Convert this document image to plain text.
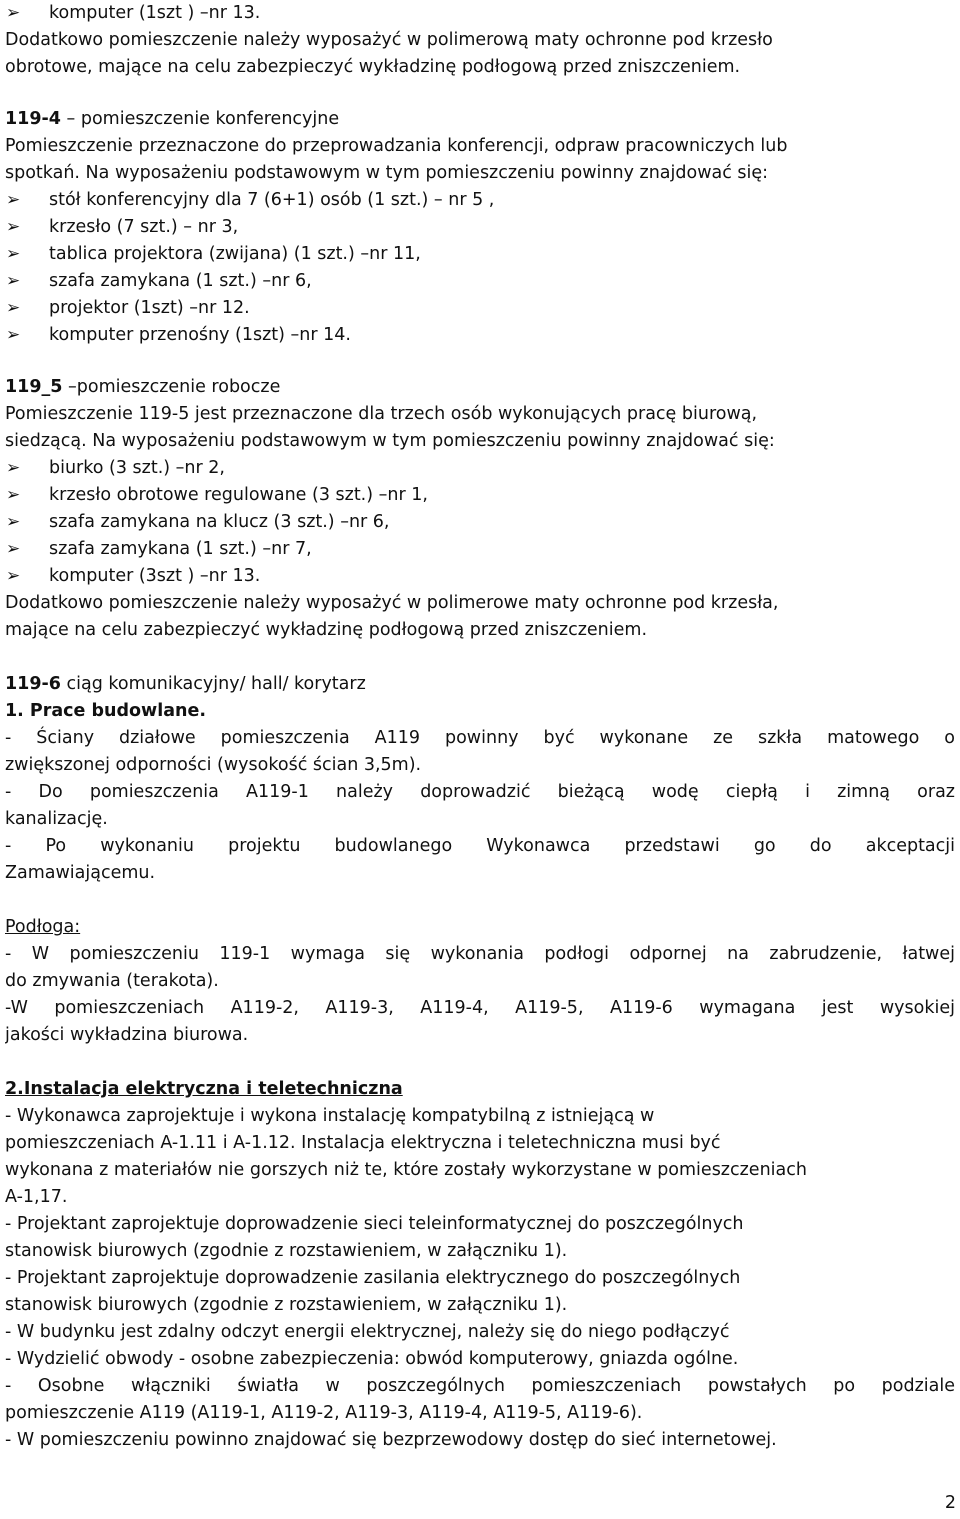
➢	komputer (1szt ) –nr 13.
Dodatkowo pomieszczenie należy wyposażyć w polimerową maty ochronne pod krzesło
obrotowe, mające na celu zabezpieczyć wykładzinę podłogową przed zniszczeniem.
119-4 – pomieszczenie konferencyjne
Pomieszczenie przeznaczone do przeprowadzania konferencji, odpraw pracowniczych lub
spotkań. Na wyposażeniu podstawowym w tym pomieszczeniu powinny znajdować się:
➢	stół konferencyjny dla 7 (6+1) osób (1 szt.) – nr 5 ,
➢	krzesło (7 szt.) – nr 3,
➢	tablica projektora (zwijana) (1 szt.) –nr 11,
➢	szafa zamykana (1 szt.) –nr 6,
➢	projektor (1szt) –nr 12.
➢	komputer przenośny (1szt) –nr 14.
119_5 –pomieszczenie robocze
Pomieszczenie 119-5 jest przeznaczone dla trzech osób wykonujących pracę biurową,
siedzącą. Na wyposażeniu podstawowym w tym pomieszczeniu powinny znajdować się:
➢	biurko (3 szt.) –nr 2,
➢	krzesło obrotowe regulowane (3 szt.) –nr 1,
➢	szafa zamykana na klucz (3 szt.) –nr 6,
➢	szafa zamykana (1 szt.) –nr 7,
➢	komputer (3szt ) –nr 13.
Dodatkowo pomieszczenie należy wyposażyć w polimerowe maty ochronne pod krzesła,
mające na celu zabezpieczyć wykładzinę podłogową przed zniszczeniem.
119-6 ciąg komunikacyjny/ hall/ korytarz
1. Prace budowlane.
- Ściany działowe pomieszczenia A119 powinny być wykonane ze szkła matowego o
zwiększonej odporności (wysokość ścian 3,5m).
- Do pomieszczenia A119-1 należy doprowadzić bieżącą wodę ciepłą i zimną oraz
kanalizację.
- Po wykonaniu projektu budowlanego Wykonawca przedstawi go do akceptacji
Zamawiającemu.
Podłoga:
- W pomieszczeniu 119-1 wymaga się wykonania podłogi odpornej na zabrudzenie, łatwej
do zmywania (terakota).
-W pomieszczeniach A119-2, A119-3, A119-4, A119-5, A119-6 wymagana jest wysokiej
jakości wykładzina biurowa.
2.Instalacja elektryczna i teletechniczna
- Wykonawca zaprojektuje i wykona instalację kompatybilną z istniejącą w
pomieszczeniach A-1.11 i A-1.12. Instalacja elektryczna i teletechniczna musi być
wykonana z materiałów nie gorszych niż te, które zostały wykorzystane w pomieszczeniach
A-1,17.
- Projektant zaprojektuje doprowadzenie sieci teleinformatycznej do poszczególnych
stanowisk biurowych (zgodnie z rozstawieniem, w załączniku 1).
- Projektant zaprojektuje doprowadzenie zasilania elektrycznego do poszczególnych
stanowisk biurowych (zgodnie z rozstawieniem, w załączniku 1).
- W budynku jest zdalny odczyt energii elektrycznej, należy się do niego podłączyć
- Wydzielić obwody - osobne zabezpieczenia: obwód komputerowy, gniazda ogólne.
- Osobne włączniki światła w poszczególnych pomieszczeniach powstałych po podziale
pomieszczenie A119 (A119-1, A119-2, A119-3, A119-4, A119-5, A119-6).
- W pomieszczeniu powinno znajdować się bezprzewodowy dostęp do sieć internetowej.
2
